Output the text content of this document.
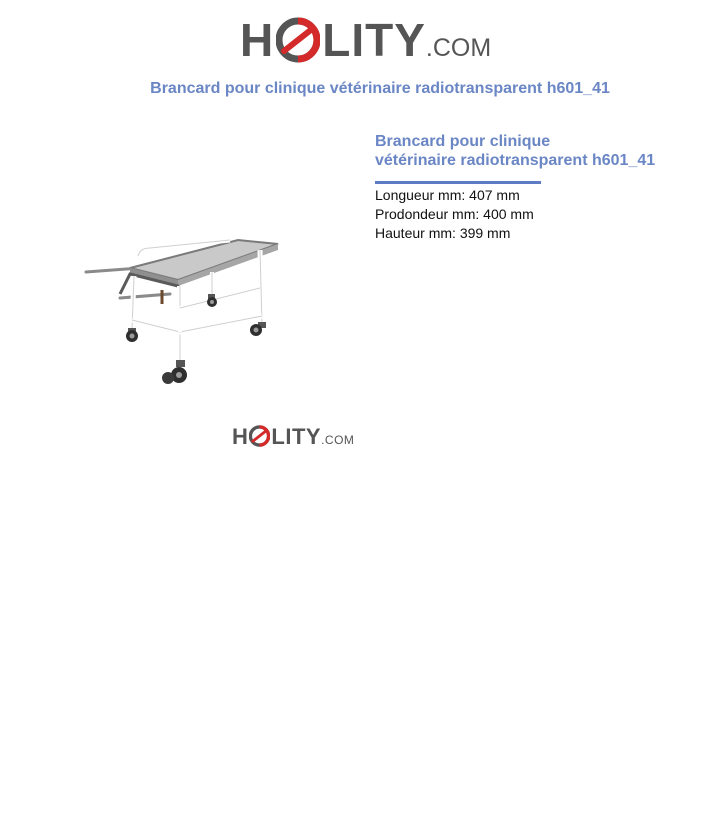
H LITY .COM
Brancard pour clinique vétérinaire radiotransparent h601_41
H LITY .COM
Brancard pour clinique
vétérinaire radiotransparent h601_41
Longueur mm: 407 mm
Prodondeur mm: 400 mm
Hauteur mm: 399 mm
